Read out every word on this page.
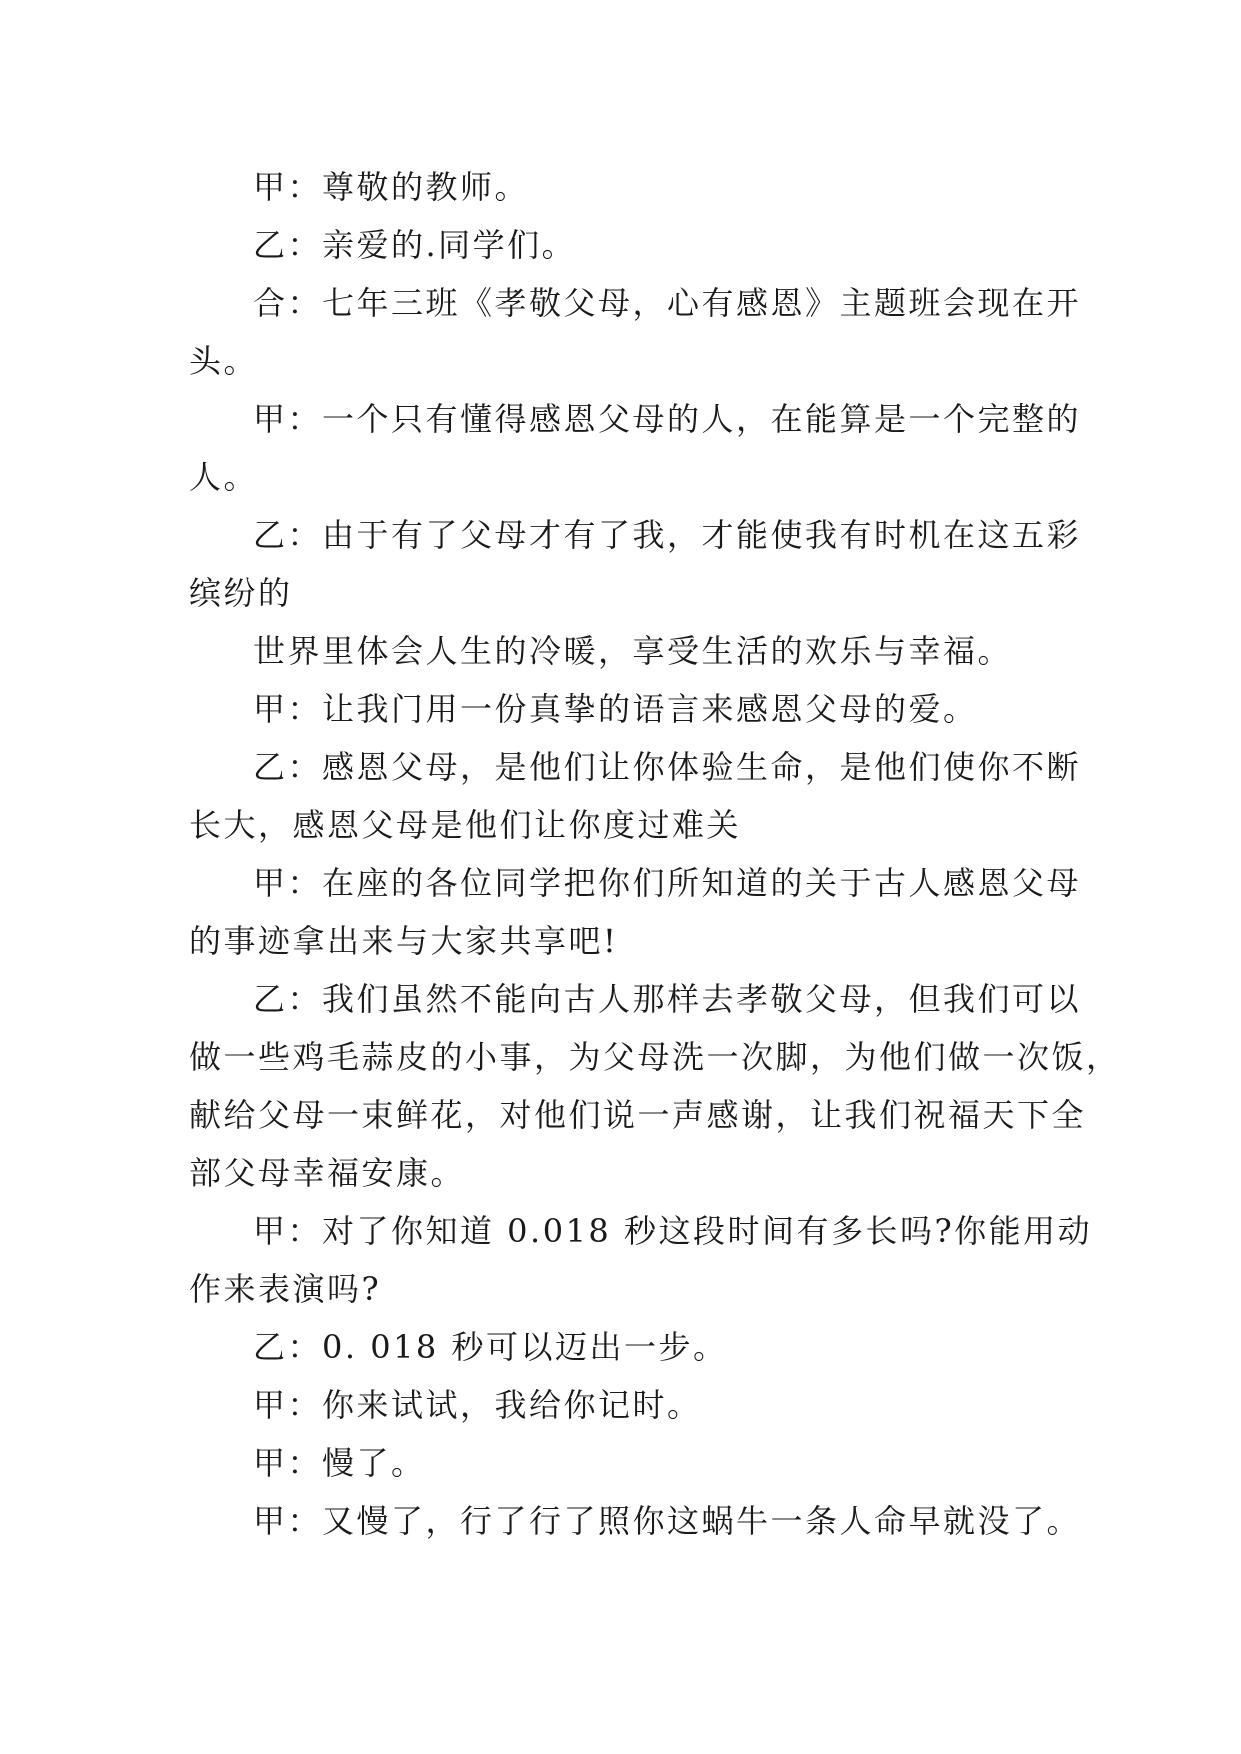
甲：尊敬的教师。
乙：亲爱的.同学们。
合：七年三班《孝敬父母，心有感恩》主题班会现在开
头。
甲：一个只有懂得感恩父母的人，在能算是一个完整的
人。
乙：由于有了父母才有了我，才能使我有时机在这五彩
缤纷的
世界里体会人生的冷暖，享受生活的欢乐与幸福。
甲：让我门用一份真挚的语言来感恩父母的爱。
乙：感恩父母，是他们让你体验生命，是他们使你不断
长大，感恩父母是他们让你度过难关
甲：在座的各位同学把你们所知道的关于古人感恩父母
的事迹拿出来与大家共享吧!
乙：我们虽然不能向古人那样去孝敬父母，但我们可以
做一些鸡毛蒜皮的小事，为父母洗一次脚，为他们做一次饭，
献给父母一束鲜花，对他们说一声感谢，让我们祝福天下全
部父母幸福安康。
甲：对了你知道 0.018 秒这段时间有多长吗?你能用动
作来表演吗?
乙：0. 018 秒可以迈出一步。
甲：你来试试，我给你记时。
甲：慢了。
甲：又慢了，行了行了照你这蜗牛一条人命早就没了。
